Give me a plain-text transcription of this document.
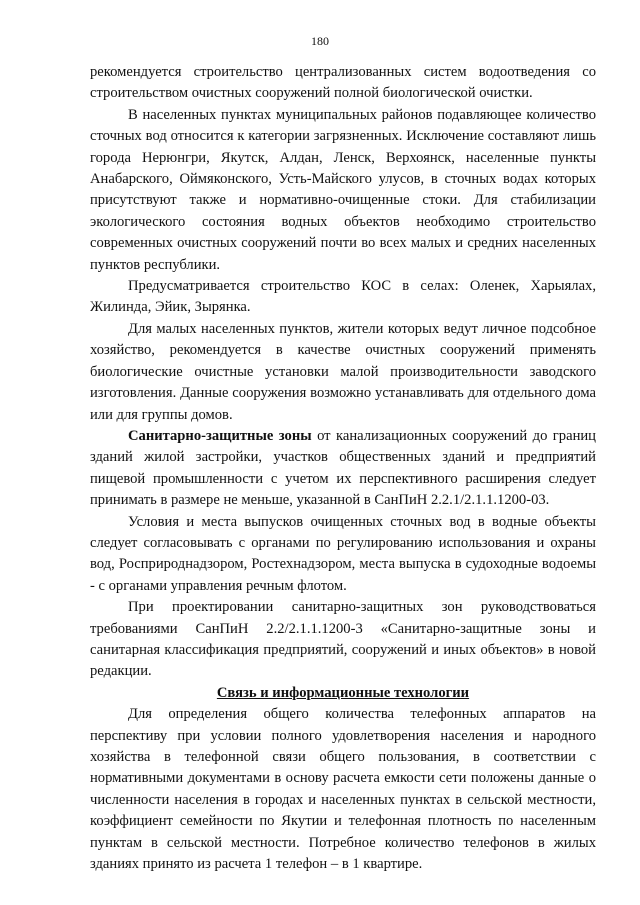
180

рекомендуется строительство централизованных систем водоотведения со строительством очистных сооружений полной биологической очистки.

В населенных пунктах муниципальных районов подавляющее количество сточных вод относится к категории загрязненных. Исключение составляют лишь города Нерюнгри, Якутск, Алдан, Ленск, Верхоянск, населенные пункты Анабарского, Оймяконского, Усть-Майского улусов, в сточных водах которых присутствуют также и нормативно-очищенные стоки. Для стабилизации экологического состояния водных объектов необходимо строительство современных очистных сооружений почти во всех малых и средних населенных пунктов республики.

Предусматривается строительство КОС в селах: Оленек, Харыялах, Жилинда, Эйик, Зырянка.

Для малых населенных пунктов, жители которых ведут личное подсобное хозяйство, рекомендуется в качестве очистных сооружений применять биологические очистные установки малой производительности заводского изготовления. Данные сооружения возможно устанавливать для отдельного дома или для группы домов.

Санитарно-защитные зоны от канализационных сооружений до границ зданий жилой застройки, участков общественных зданий и предприятий пищевой промышленности с учетом их перспективного расширения следует принимать в размере не меньше, указанной в СанПиН 2.2.1/2.1.1.1200-03.

Условия и места выпусков очищенных сточных вод в водные объекты следует согласовывать с органами по регулированию использования и охраны вод, Росприроднадзором, Ростехнадзором, места выпуска в судоходные водоемы - с органами управления речным флотом.

При проектировании санитарно-защитных зон руководствоваться требованиями СанПиН 2.2/2.1.1.1200-3 «Санитарно-защитные зоны и санитарная классификация предприятий, сооружений и иных объектов» в новой редакции.

Связь и информационные технологии

Для определения общего количества телефонных аппаратов на перспективу при условии полного удовлетворения населения и народного хозяйства в телефонной связи общего пользования, в соответствии с нормативными документами в основу расчета емкости сети положены данные о численности населения в городах и населенных пунктах в сельской местности, коэффициент семейности по Якутии и телефонная плотность по населенным пунктам в сельской местности. Потребное количество телефонов в жилых зданиях принято из расчета 1 телефон – в 1 квартире.
